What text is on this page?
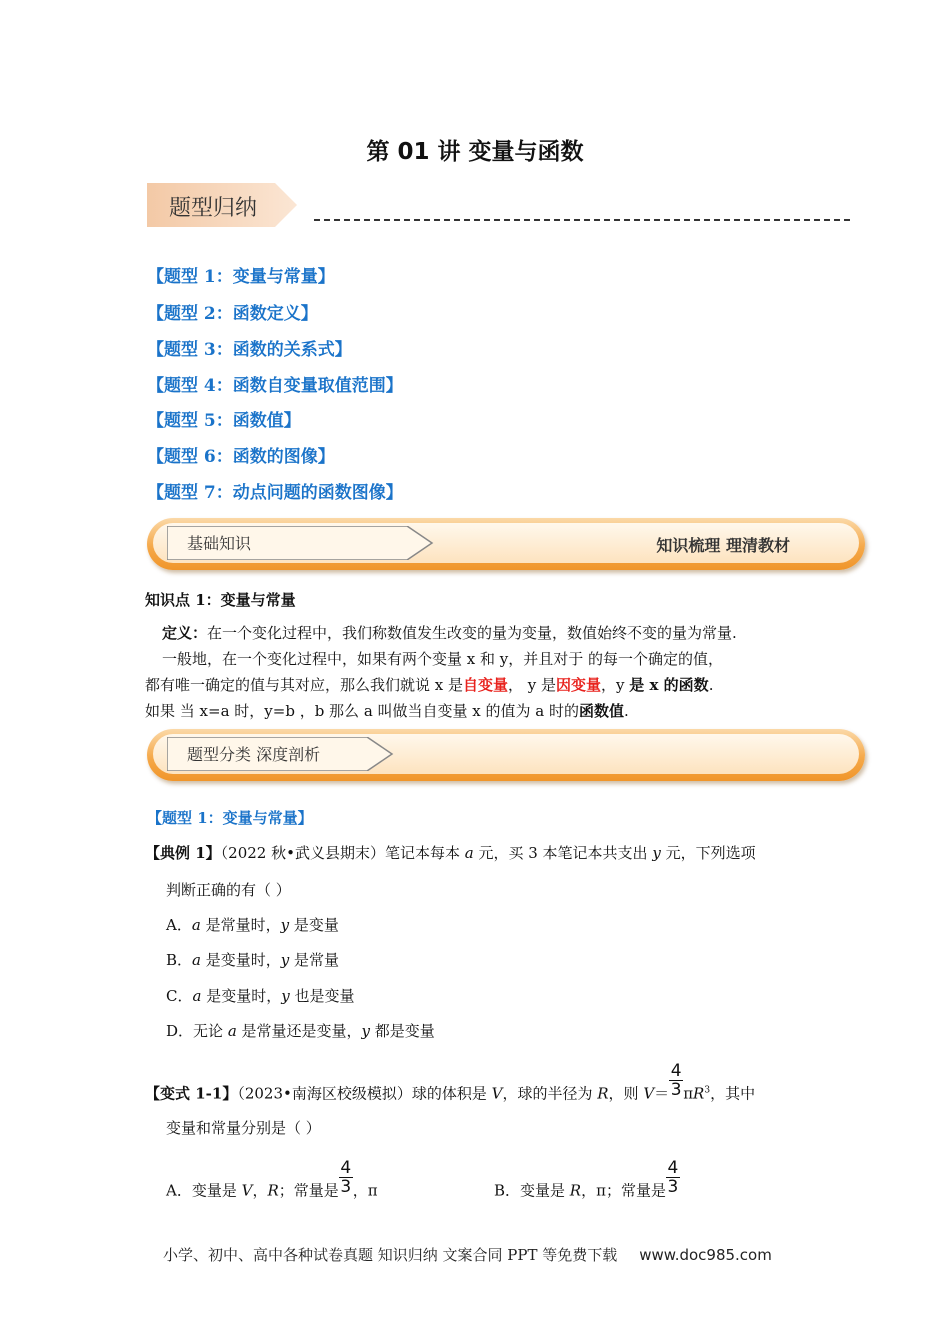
第 01 讲 变量与函数
题型归纳
【题型 1：变量与常量】
【题型 2：函数定义】
【题型 3：函数的关系式】
【题型 4：函数自变量取值范围】
【题型 5：函数值】
【题型 6：函数的图像】
【题型 7：动点问题的函数图像】
基础知识	知识梳理 理清教材
知识点 1：变量与常量
定义：在一个变化过程中，我们称数值发生改变的量为变量，数值始终不变的量为常量.
一般地，在一个变化过程中，如果有两个变量 x 和 y，并且对于 的每一个确定的值，
都有唯一确定的值与其对应，那么我们就说 x 是自变量， y 是因变量，y 是 x 的函数.
如果 当 x=a 时，y=b ，b 那么 a 叫做当自变量 x 的值为 a 时的函数值.
题型分类 深度剖析
【题型 1：变量与常量】
【典例 1】（2022 秋•武义县期末）笔记本每本 a 元，买 3 本笔记本共支出 y 元，下列选项
判断正确的有（ ）
A．a 是常量时，y 是变量
B．a 是变量时，y 是常量
C．a 是变量时，y 也是变量
D．无论 a 是常量还是变量，y 都是变量
【变式 1-1】（2023•南海区校级模拟）球的体积是 V，球的半径为 R，则 $V=\frac{4}{3}\pi R^3$，其中
变量和常量分别是（ ）
A．变量是 V，R；常量是$\frac{4}{3}$，π	B．变量是 R，π；常量是$\frac{4}{3}$
小学、初中、高中各种试卷真题 知识归纳 文案合同 PPT 等免费下载 www.doc985.com
